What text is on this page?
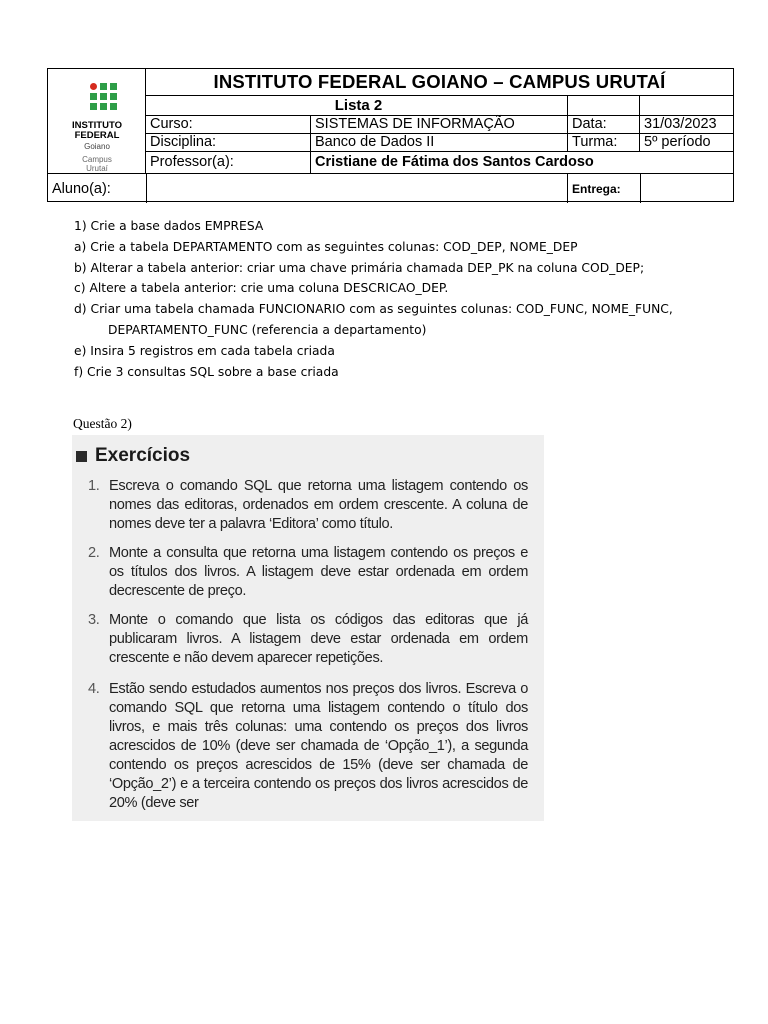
INSTITUTO
FEDERAL
Goiano
Campus
Urutaí
INSTITUTO FEDERAL GOIANO – CAMPUS URUTAÍ
Lista 2
Curso:	SISTEMAS DE INFORMAÇÃO	Data:	31/03/2023
Disciplina:	Banco de Dados II	Turma:	5º período
Professor(a):	Cristiane de Fátima dos Santos Cardoso
Aluno(a):	Entrega:
1) Crie a base dados EMPRESA
a) Crie a tabela DEPARTAMENTO com as seguintes colunas: COD_DEP, NOME_DEP
b) Alterar a tabela anterior: criar uma chave primária chamada DEP_PK na coluna COD_DEP;
c) Altere a tabela anterior: crie uma coluna DESCRICAO_DEP.
d) Criar uma tabela chamada FUNCIONARIO com as seguintes colunas: COD_FUNC, NOME_FUNC,
DEPARTAMENTO_FUNC (referencia a departamento)
e) Insira 5 registros em cada tabela criada
f) Crie 3 consultas SQL sobre a base criada
Questão 2)
Exercícios
1. Escreva o comando SQL que retorna uma listagem contendo os nomes das editoras, ordenados em ordem crescente. A coluna de nomes deve ter a palavra ‘Editora’ como título.
2. Monte a consulta que retorna uma listagem contendo os preços e os títulos dos livros. A listagem deve estar ordenada em ordem decrescente de preço.
3. Monte o comando que lista os códigos das editoras que já publicaram livros. A listagem deve estar ordenada em ordem crescente e não devem aparecer repetições.
4. Estão sendo estudados aumentos nos preços dos livros. Escreva o comando SQL que retorna uma listagem contendo o título dos livros, e mais três colunas: uma contendo os preços dos livros acrescidos de 10% (deve ser chamada de ‘Opção_1’), a segunda contendo os preços acrescidos de 15% (deve ser chamada de ‘Opção_2’) e a terceira contendo os preços dos livros acrescidos de 20% (deve ser
